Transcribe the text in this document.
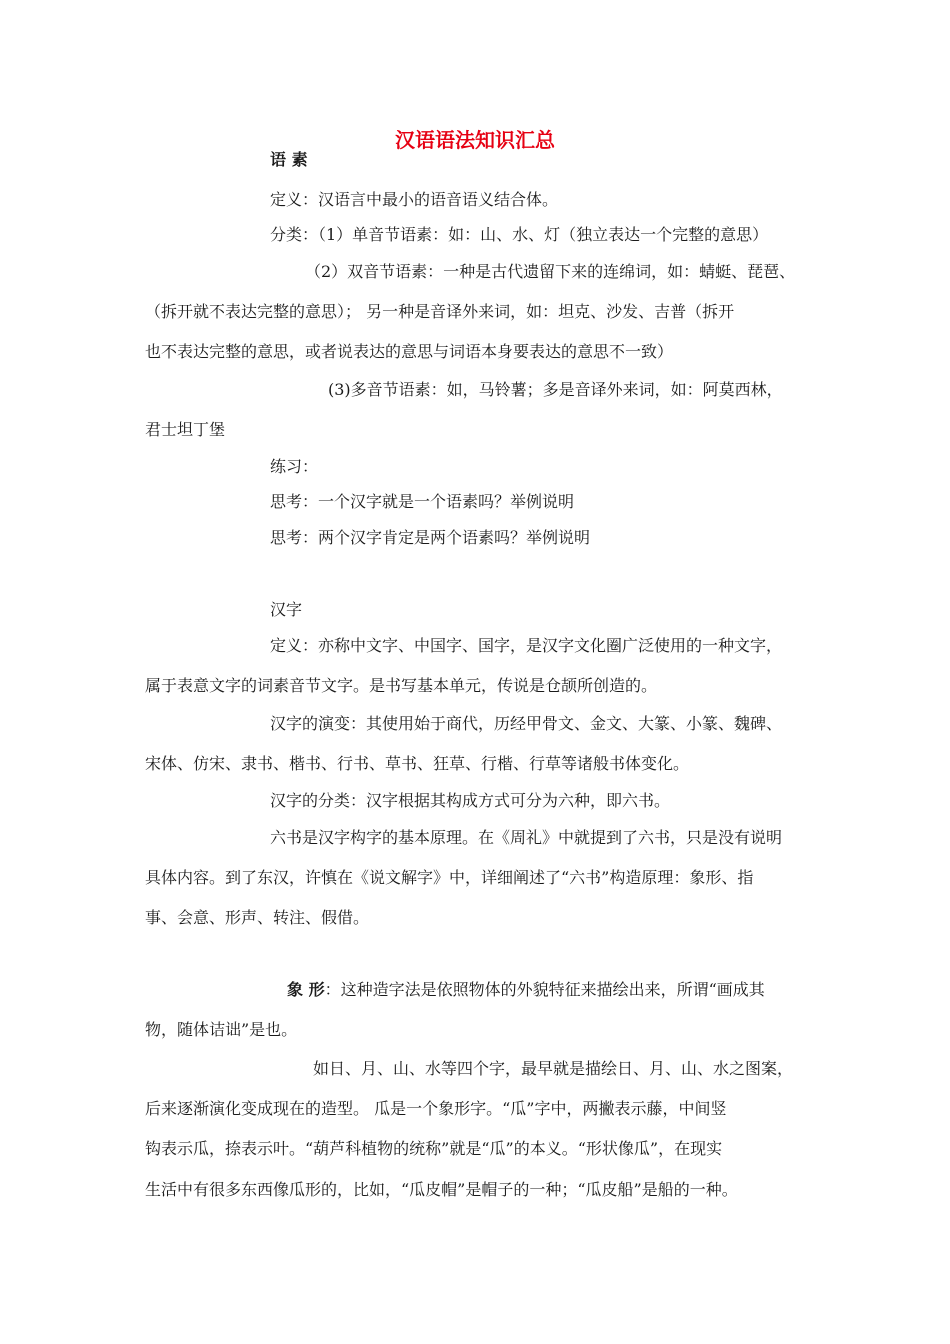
汉语语法知识汇总
语 素
定义：汉语言中最小的语音语义结合体。
分类：（1）单音节语素：如：山、水、灯（独立表达一个完整的意思）
（2）双音节语素：一种是古代遗留下来的连绵词，如：蜻蜓、琵琶、
（拆开就不表达完整的意思）； 另一种是音译外来词，如：坦克、沙发、吉普（拆开
也不表达完整的意思，或者说表达的意思与词语本身要表达的意思不一致）
(3)多音节语素：如，马铃薯；多是音译外来词，如：阿莫西林，
君士坦丁堡
练习：
思考：一个汉字就是一个语素吗？举例说明
思考：两个汉字肯定是两个语素吗？举例说明
汉字
定义：亦称中文字、中国字、国字，是汉字文化圈广泛使用的一种文字，
属于表意文字的词素音节文字。是书写基本单元，传说是仓颉所创造的。
汉字的演变：其使用始于商代，历经甲骨文、金文、大篆、小篆、魏碑、
宋体、仿宋、隶书、楷书、行书、草书、狂草、行楷、行草等诸般书体变化。
汉字的分类：汉字根据其构成方式可分为六种，即六书。
六书是汉字构字的基本原理。在《周礼》中就提到了六书，只是没有说明
具体内容。到了东汉，许慎在《说文解字》中，详细阐述了“六书”构造原理：象形、指
事、会意、形声、转注、假借。
象 形：这种造字法是依照物体的外貌特征来描绘出来，所谓“画成其
物，随体诘诎”是也。
如日、月、山、水等四个字，最早就是描绘日、月、山、水之图案，
后来逐渐演化变成现在的造型。 瓜是一个象形字。“瓜”字中，两撇表示藤，中间竖
钩表示瓜，捺表示叶。“葫芦科植物的统称”就是“瓜”的本义。“形状像瓜”，在现实
生活中有很多东西像瓜形的，比如，“瓜皮帽”是帽子的一种；“瓜皮船”是船的一种。
